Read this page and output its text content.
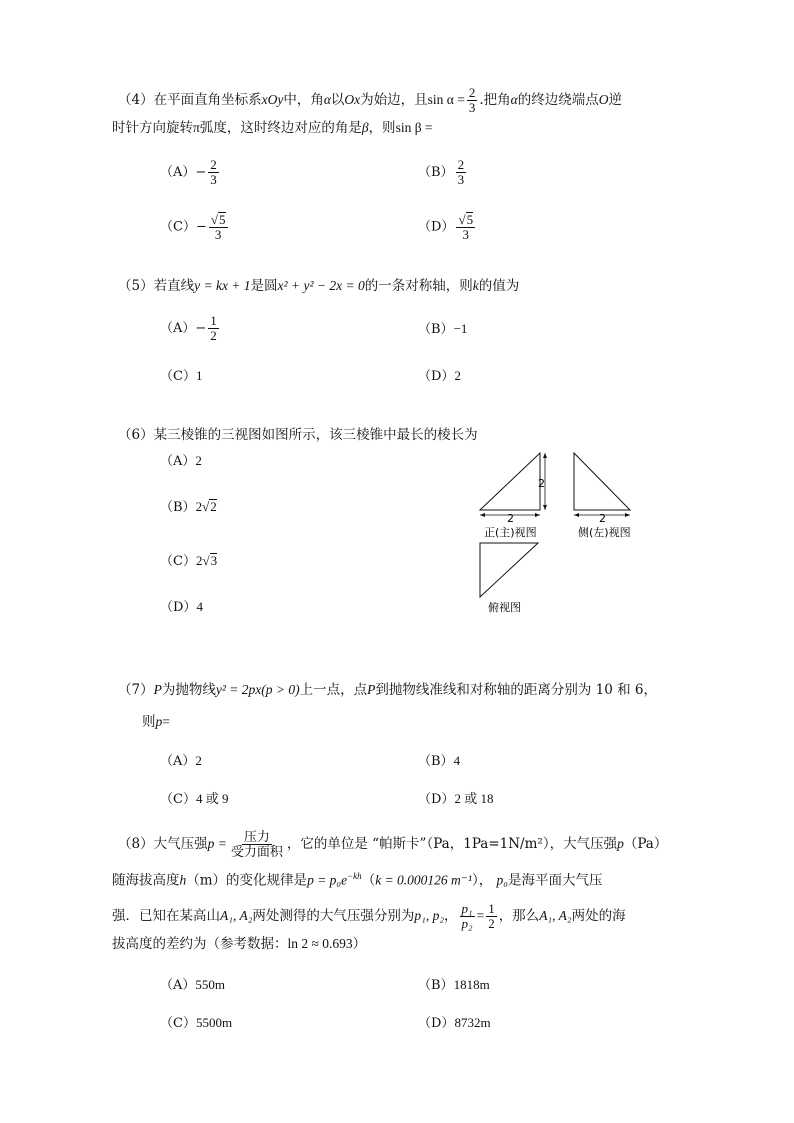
（4）在平面直角坐标系xOy中，角α以Ox为始边，且$\sin \alpha = \frac{2}{3}$ .把角α的终边绕端点O逆
时针方向旋转π弧度，这时终边对应的角是β，则sin β =
$(A)- \frac{2}{3}$	$(B) \frac{2}{3}$
$(C)- \frac{√5}{3}$	$(D) \frac{√5}{3}$
（5）若直线y = kx + 1是圆x² + y² − 2x = 0的一条对称轴，则k的值为
$(A)- \frac{1}{2}$	（B）−1
（C）1	（D）2
（6）某三棱锥的三视图如图所示，该三棱锥中最长的棱长为
（A）2
（B）2√2
（C）2√3
（D）4
2
2
正(主)视图
2
侧(左)视图
俯视图
（7）P为抛物线y² = 2px(p > 0)上一点，点P到抛物线准线和对称轴的距离分别为 10 和 6，
则p=
（A）2	（B）4
（C）4 或 9	（D）2 或 18
（8）大气压强$p = \frac{\text{压力}}{\text{受力面积}}$ ，它的单位是 “帕斯卡”（Pa，1Pa=1N/m²），大气压强p（Pa）
随海拔高度h（m）的变化规律是$p = p_0e^{-kh}(k = 0.000126$ m⁻¹）， p₀是海平面大气压
强．已知在某高山A₁, A₂两处测得的大气压强分别为p₁, p₂， $\frac{\text{p₁}}{\text{p₂}} = \frac{1}{2}$ ，那么A₁, A₂两处的海
拔高度的差约为（参考数据：ln 2 ≈ 0.693）
（A）550m	（B）1818m
（C）5500m	（D）8732m
